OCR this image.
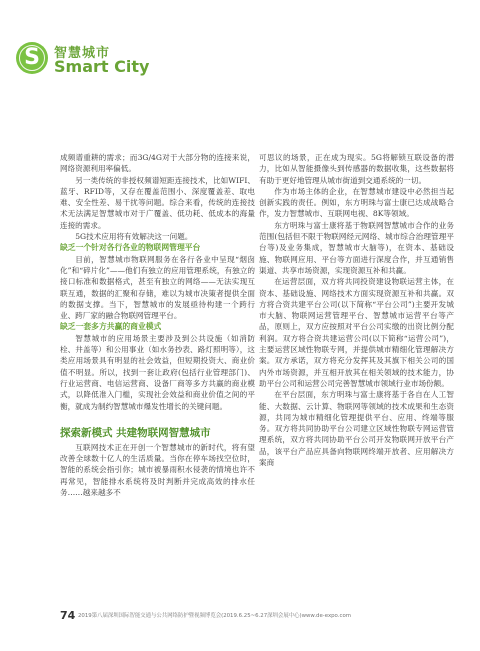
S	智慧城市
Smart City

成频谱重耕的需求；而3G/4G对于大部分物的连接来说，网络资源利用率偏低。

另一类传统的非授权频谱短距连接技术，比如WIFI、蓝牙、RFID等，又存在覆盖范围小、深度覆盖差、取电难、安全性差、易干扰等问题。综合来看，传统的连接技术无法满足智慧城市对于广覆盖、低功耗、低成本的海量连接的需求。

5G技术应用将有效解决这一问题。

缺乏一个针对各行各业的物联网管理平台

目前，智慧城市物联网服务在各行各业中呈现“烟囱化”和“碎片化”——他们有独立的应用管理系统，有独立的接口标准和数据格式，甚至有独立的网络——无法实现互联互通，数据的汇聚和存储，难以为城市决策者提供全面的数据支撑。当下，智慧城市的发展亟待构建一个跨行业、跨厂家的融合物联网管理平台。

缺乏一套多方共赢的商业模式

智慧城市的应用场景主要涉及到公共设施（如消防栓、井盖等）和公用事业（如水务抄表、路灯照明等），这类应用场景具有明显的社会效益，但短期投资大、商业价值不明显。所以，找到一套让政府(包括行业管理部门)、行业运营商、电信运营商、设备厂商等多方共赢的商业模式，以降低准入门槛，实现社会效益和商业价值之间的平衡，就成为制约智慧城市爆发性增长的关键问题。

探索新模式 共建物联网智慧城市

互联网技术正在开创一个智慧城市的新时代，将有望改善全球数十亿人的生活质量。当你在停车场找空位时，智能的系统会指引你；城市被暴雨积水侵袭的情境也许不再常见，智能排水系统将及时判断并完成高效的排水任务……越来越多不

可思议的场景，正在成为现实。5G将解锁互联设备的潜力，比如从智能摄像头到传感器的数据收集，这些数据将有助于更好地管理从城市街道到交通系统的一切。

作为市场主体的企业，在智慧城市建设中必然担当起创新实践的责任。例如，东方明珠与富士康已达成战略合作，发力智慧城市、互联网电视、8K等领域。

东方明珠与富士康将基于物联网智慧城市合作的业务范围(包括但不限于物联网经元网络、城市综合治理管理平台等)及业务集成，智慧城市大脑等)，在资本、基础设施、物联网应用、平台等方面进行深度合作，并互通销售渠道、共享市场资源，实现资源互补和共赢。

在运营层面，双方将共同投资建设物联运营主体，在资本、基础设施、网络技术方面实现资源互补和共赢。双方将合资共建平台公司(以下简称“平台公司”)主要开发城市大脑、物联网运营管理平台、智慧城市运营平台等产品，原则上，双方应按照对平台公司实缴的出资比例分配利润。双方将合资共建运营公司(以下简称“运营公司”)，主要运营区域性物联专网，并提供城市精细化管理解决方案。双方承诺，双方将充分发挥其及其旗下相关公司的国内外市场资源，并互相开放其在相关领域的技术能力，协助平台公司和运营公司完善智慧城市领域行业市场份额。

在平台层面，东方明珠与富士康将基于各自在人工智能、大数据、云计算、物联网等领域的技术成果和生态资源，共同为城市精细化管理提供平台、应用、终端等服务。双方将共同协助平台公司建立区域性物联专网运营管理系统，双方将共同协助平台公司开发物联网开放平台产品，该平台产品应具备向物联网终端开放者、应用解决方案商

74 2019第八届深圳国际智能交通与公共网络防护暨视频博览会(2019.6.25~6.27深圳会展中心)www.de-expo.com
